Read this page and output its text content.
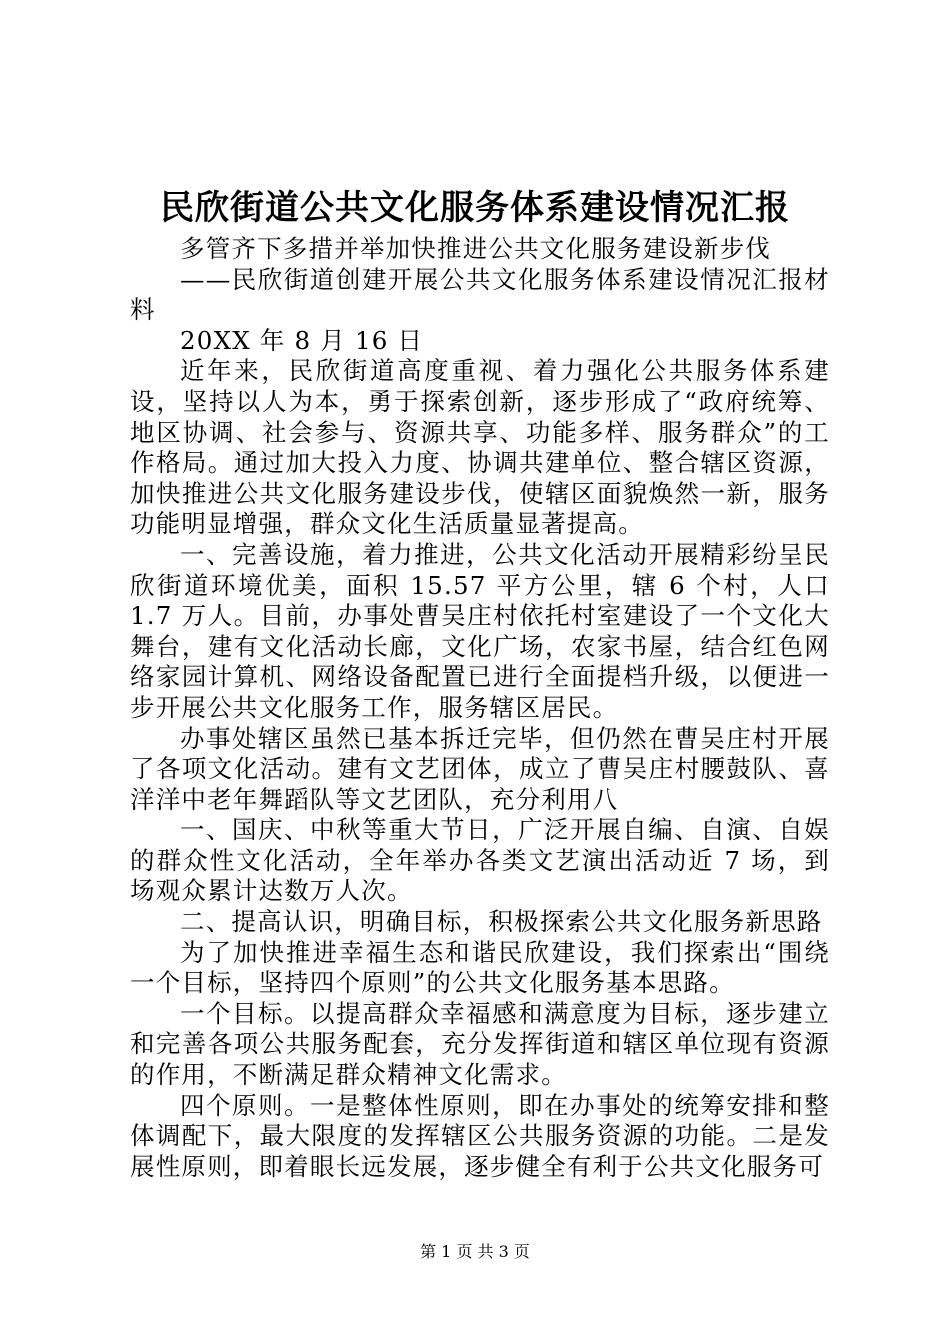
民欣街道公共文化服务体系建设情况汇报

多管齐下多措并举加快推进公共文化服务建设新步伐

——民欣街道创建开展公共文化服务体系建设情况汇报材料

20XX 年 8 月 16 日

近年来，民欣街道高度重视、着力强化公共服务体系建设，坚持以人为本，勇于探索创新，逐步形成了“政府统筹、地区协调、社会参与、资源共享、功能多样、服务群众”的工作格局。通过加大投入力度、协调共建单位、整合辖区资源，加快推进公共文化服务建设步伐，使辖区面貌焕然一新，服务功能明显增强，群众文化生活质量显著提高。

一、完善设施，着力推进，公共文化活动开展精彩纷呈民欣街道环境优美，面积 15.57 平方公里，辖 6 个村，人口 1.7 万人。目前，办事处曹吴庄村依托村室建设了一个文化大舞台，建有文化活动长廊，文化广场，农家书屋，结合红色网络家园计算机、网络设备配置已进行全面提档升级，以便进一步开展公共文化服务工作，服务辖区居民。

办事处辖区虽然已基本拆迁完毕，但仍然在曹吴庄村开展了各项文化活动。建有文艺团体，成立了曹吴庄村腰鼓队、喜洋洋中老年舞蹈队等文艺团队，充分利用八

一、国庆、中秋等重大节日，广泛开展自编、自演、自娱的群众性文化活动，全年举办各类文艺演出活动近 7 场，到场观众累计达数万人次。

二、提高认识，明确目标，积极探索公共文化服务新思路

为了加快推进幸福生态和谐民欣建设，我们探索出“围绕一个目标，坚持四个原则”的公共文化服务基本思路。

一个目标。以提高群众幸福感和满意度为目标，逐步建立和完善各项公共服务配套，充分发挥街道和辖区单位现有资源的作用，不断满足群众精神文化需求。

四个原则。一是整体性原则，即在办事处的统筹安排和整体调配下，最大限度的发挥辖区公共服务资源的功能。二是发展性原则，即着眼长远发展，逐步健全有利于公共文化服务可

第 1 页 共 3 页
